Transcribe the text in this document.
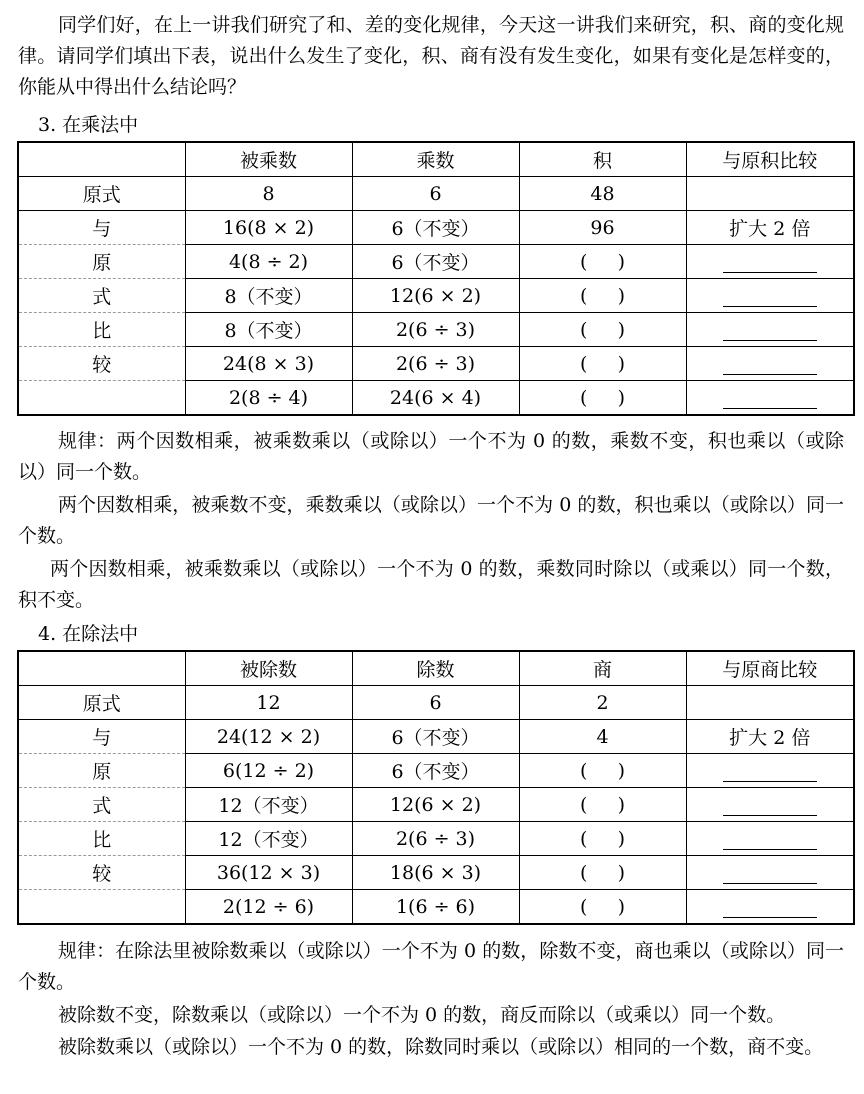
同学们好，在上一讲我们研究了和、差的变化规律，今天这一讲我们来研究，积、商的变化规律。请同学们填出下表，说出什么发生了变化，积、商有没有发生变化，如果有变化是怎样变的，你能从中得出什么结论吗？

3. 在乘法中

	被乘数	乘数	积	与原积比较
原式	8	6	48	
与	16(8 × 2)	6（不变）	96	扩大 2 倍
原	4(8 ÷ 2)	6（不变）	(     )	
式	8（不变）	12(6 × 2)	(     )	
比	8（不变）	2(6 ÷ 3)	(     )	
较	24(8 × 3)	2(6 ÷ 3)	(     )	
	2(8 ÷ 4)	24(6 × 4)	(     )	

规律：两个因数相乘，被乘数乘以（或除以）一个不为 0 的数，乘数不变，积也乘以（或除以）同一个数。

两个因数相乘，被乘数不变，乘数乘以（或除以）一个不为 0 的数，积也乘以（或除以）同一个数。

两个因数相乘，被乘数乘以（或除以）一个不为 0 的数，乘数同时除以（或乘以）同一个数，积不变。

4. 在除法中

	被除数	除数	商	与原商比较
原式	12	6	2	
与	24(12 × 2)	6（不变）	4	扩大 2 倍
原	6(12 ÷ 2)	6（不变）	(     )	
式	12（不变）	12(6 × 2)	(     )	
比	12（不变）	2(6 ÷ 3)	(     )	
较	36(12 × 3)	18(6 × 3)	(     )	
	2(12 ÷ 6)	1(6 ÷ 6)	(     )	

规律：在除法里被除数乘以（或除以）一个不为 0 的数，除数不变，商也乘以（或除以）同一个数。

被除数不变，除数乘以（或除以）一个不为 0 的数，商反而除以（或乘以）同一个数。

被除数乘以（或除以）一个不为 0 的数，除数同时乘以（或除以）相同的一个数，商不变。
